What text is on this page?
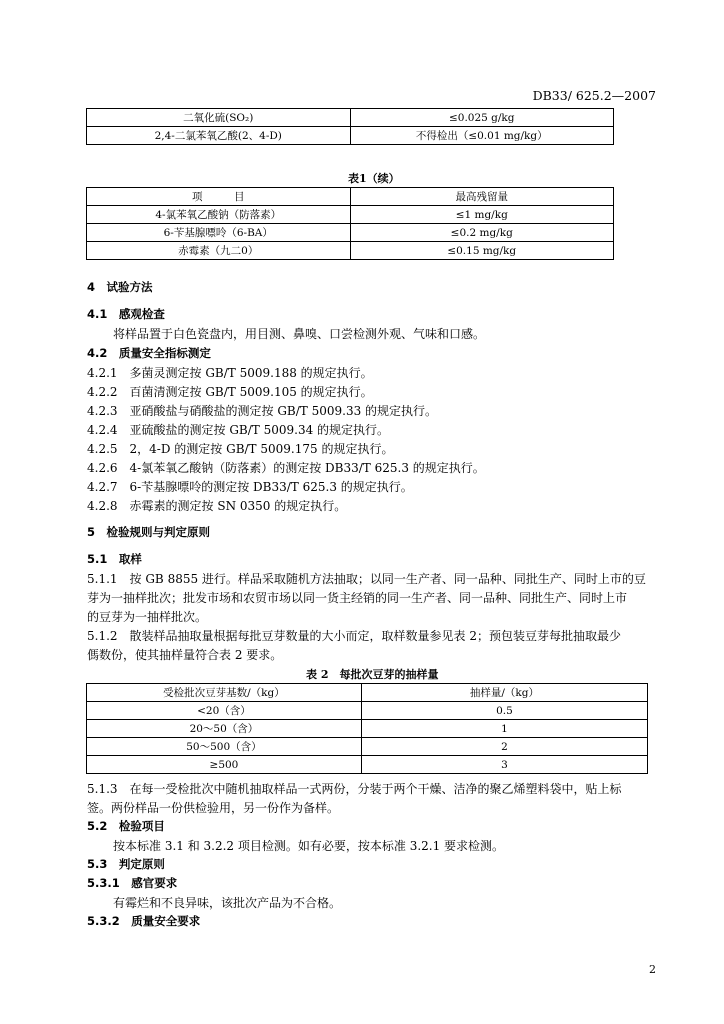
DB33/ 625.2—2007
二氧化硫(SO₂)	≤0.025 g/kg
2,4-二氯苯氧乙酸(2、4-D)	不得检出（≤0.01 mg/kg）
表1（续）
项　　　目	最高残留量
4-氯苯氧乙酸钠（防落素）	≤1 mg/kg
6-苄基腺嘌呤（6-BA）	≤0.2 mg/kg
赤霉素（九二0）	≤0.15 mg/kg
4　试验方法
4.1　感观检查
将样品置于白色瓷盘内，用目测、鼻嗅、口尝检测外观、气味和口感。
4.2　质量安全指标测定
4.2.1　多菌灵测定按 GB/T 5009.188 的规定执行。
4.2.2　百菌清测定按 GB/T 5009.105 的规定执行。
4.2.3　亚硝酸盐与硝酸盐的测定按 GB/T 5009.33 的规定执行。
4.2.4　亚硫酸盐的测定按 GB/T 5009.34 的规定执行。
4.2.5　2，4-D 的测定按 GB/T 5009.175 的规定执行。
4.2.6　4-氯苯氧乙酸钠（防落素）的测定按 DB33/T 625.3 的规定执行。
4.2.7　6-苄基腺嘌呤的测定按 DB33/T 625.3 的规定执行。
4.2.8　赤霉素的测定按 SN 0350 的规定执行。
5　检验规则与判定原则
5.1　取样
5.1.1　按 GB 8855 进行。样品采取随机方法抽取；以同一生产者、同一品种、同批生产、同时上市的豆
芽为一抽样批次；批发市场和农贸市场以同一货主经销的同一生产者、同一品种、同批生产、同时上市
的豆芽为一抽样批次。
5.1.2　散装样品抽取量根据每批豆芽数量的大小而定，取样数量参见表 2；预包装豆芽每批抽取最少
傌数份，使其抽样量符合表 2 要求。
表 2　每批次豆芽的抽样量
受检批次豆芽基数/（kg）	抽样量/（kg）
<20（含）	0.5
20～50（含）	1
50～500（含）	2
≥500	3
5.1.3　在每一受检批次中随机抽取样品一式两份，分装于两个干燥、洁净的聚乙烯塑料袋中，贴上标
签。两份样品一份供检验用，另一份作为备样。
5.2　检验项目
按本标准 3.1 和 3.2.2 项目检测。如有必要，按本标准 3.2.1 要求检测。
5.3　判定原则
5.3.1　感官要求
有霉烂和不良异味，该批次产品为不合格。
5.3.2　质量安全要求
2
